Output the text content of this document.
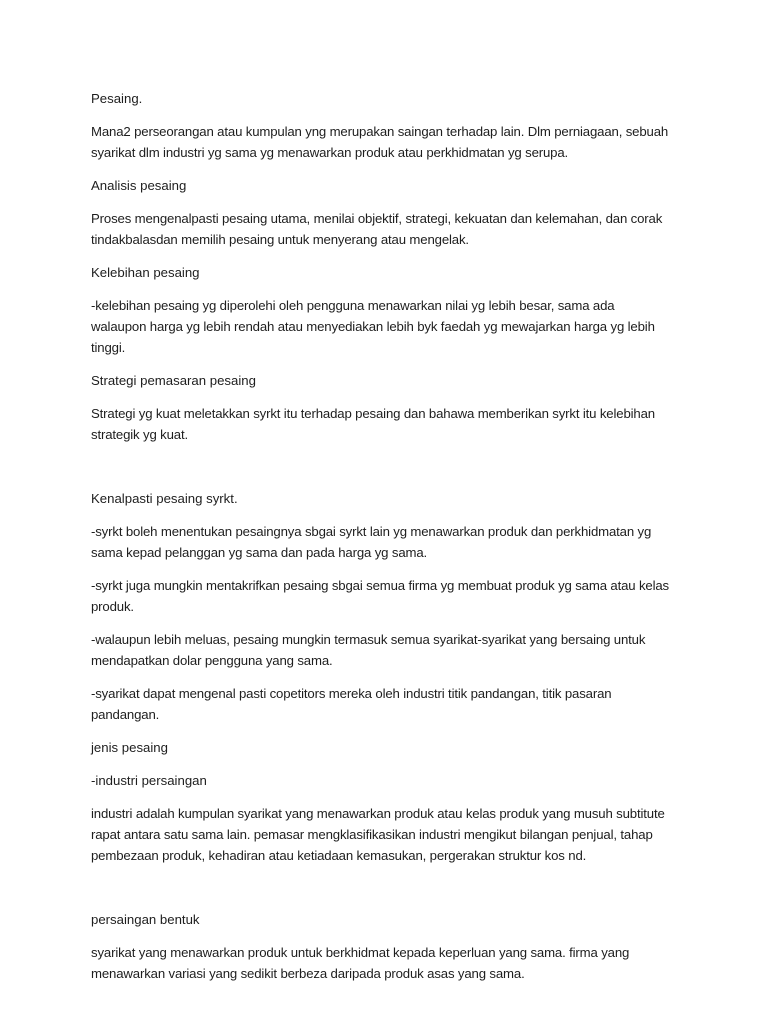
Pesaing.

Mana2 perseorangan atau kumpulan yng merupakan saingan terhadap lain. Dlm perniagaan, sebuah
syarikat dlm industri yg sama yg menawarkan produk atau perkhidmatan yg serupa.

Analisis pesaing

Proses mengenalpasti pesaing utama, menilai objektif, strategi, kekuatan dan kelemahan, dan corak
tindakbalasdan memilih pesaing untuk menyerang atau mengelak.

Kelebihan pesaing

-kelebihan pesaing yg diperolehi oleh pengguna menawarkan nilai yg lebih besar, sama ada
walaupon harga yg lebih rendah atau menyediakan lebih byk faedah yg mewajarkan harga yg lebih
tinggi.

Strategi pemasaran pesaing

Strategi yg kuat meletakkan syrkt itu terhadap pesaing dan bahawa memberikan syrkt itu kelebihan
strategik yg kuat.

Kenalpasti pesaing syrkt.

-syrkt boleh menentukan pesaingnya sbgai syrkt lain yg menawarkan produk dan perkhidmatan yg
sama kepad pelanggan yg sama dan pada harga yg sama.

-syrkt juga mungkin mentakrifkan pesaing sbgai semua firma yg membuat produk yg sama atau kelas
produk.

-walaupun lebih meluas, pesaing mungkin termasuk semua syarikat-syarikat yang bersaing untuk
mendapatkan dolar pengguna yang sama.

-syarikat dapat mengenal pasti copetitors mereka oleh industri titik pandangan, titik pasaran
pandangan.

jenis pesaing

-industri persaingan

industri adalah kumpulan syarikat yang menawarkan produk atau kelas produk yang musuh subtitute
rapat antara satu sama lain. pemasar mengklasifikasikan industri mengikut bilangan penjual, tahap
pembezaan produk, kehadiran atau ketiadaan kemasukan, pergerakan struktur kos nd.

persaingan bentuk

syarikat yang menawarkan produk untuk berkhidmat kepada keperluan yang sama. firma yang
menawarkan variasi yang sedikit berbeza daripada produk asas yang sama.
